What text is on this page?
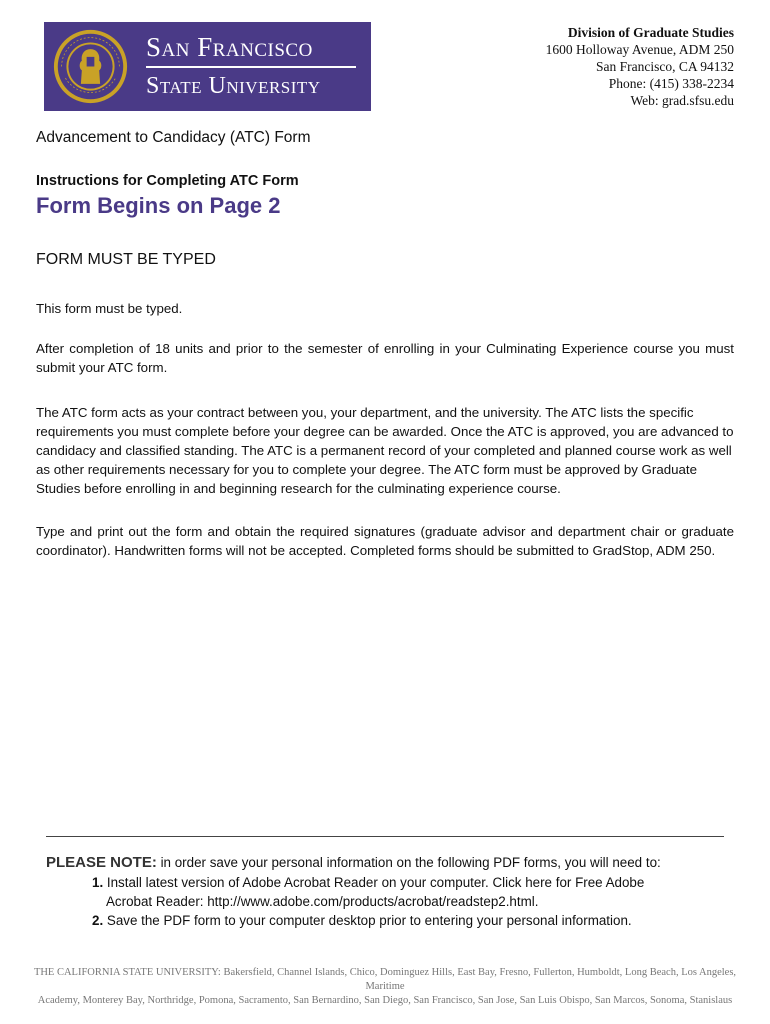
San Francisco
State University
Division of Graduate Studies
1600 Holloway Avenue, ADM 250
San Francisco, CA 94132
Phone: (415) 338-2234
Web: grad.sfsu.edu
Advancement to Candidacy (ATC) Form
Instructions for Completing ATC Form
Form Begins on Page 2
FORM MUST BE TYPED
This form must be typed.
After completion of 18 units and prior to the semester of enrolling in your Culminating Experience course you must submit your ATC form.
The ATC form acts as your contract between you, your department, and the university. The ATC lists the specific requirements you must complete before your degree can be awarded. Once the ATC is approved, you are advanced to candidacy and classified standing. The ATC is a permanent record of your completed and planned course work as well as other requirements necessary for you to complete your degree. The ATC form must be approved by Graduate Studies before enrolling in and beginning research for the culminating experience course.
Type and print out the form and obtain the required signatures (graduate advisor and department chair or graduate coordinator). Handwritten forms will not be accepted. Completed forms should be submitted to GradStop, ADM 250.
PLEASE NOTE: in order save your personal information on the following PDF forms, you will need to:
1. Install latest version of Adobe Acrobat Reader on your computer. Click here for Free Adobe
Acrobat Reader: http://www.adobe.com/products/acrobat/readstep2.html.
2. Save the PDF form to your computer desktop prior to entering your personal information.
THE CALIFORNIA STATE UNIVERSITY: Bakersfield, Channel Islands, Chico, Dominguez Hills, East Bay, Fresno, Fullerton, Humboldt, Long Beach, Los Angeles, Maritime
Academy, Monterey Bay, Northridge, Pomona, Sacramento, San Bernardino, San Diego, San Francisco, San Jose, San Luis Obispo, San Marcos, Sonoma, Stanislaus
